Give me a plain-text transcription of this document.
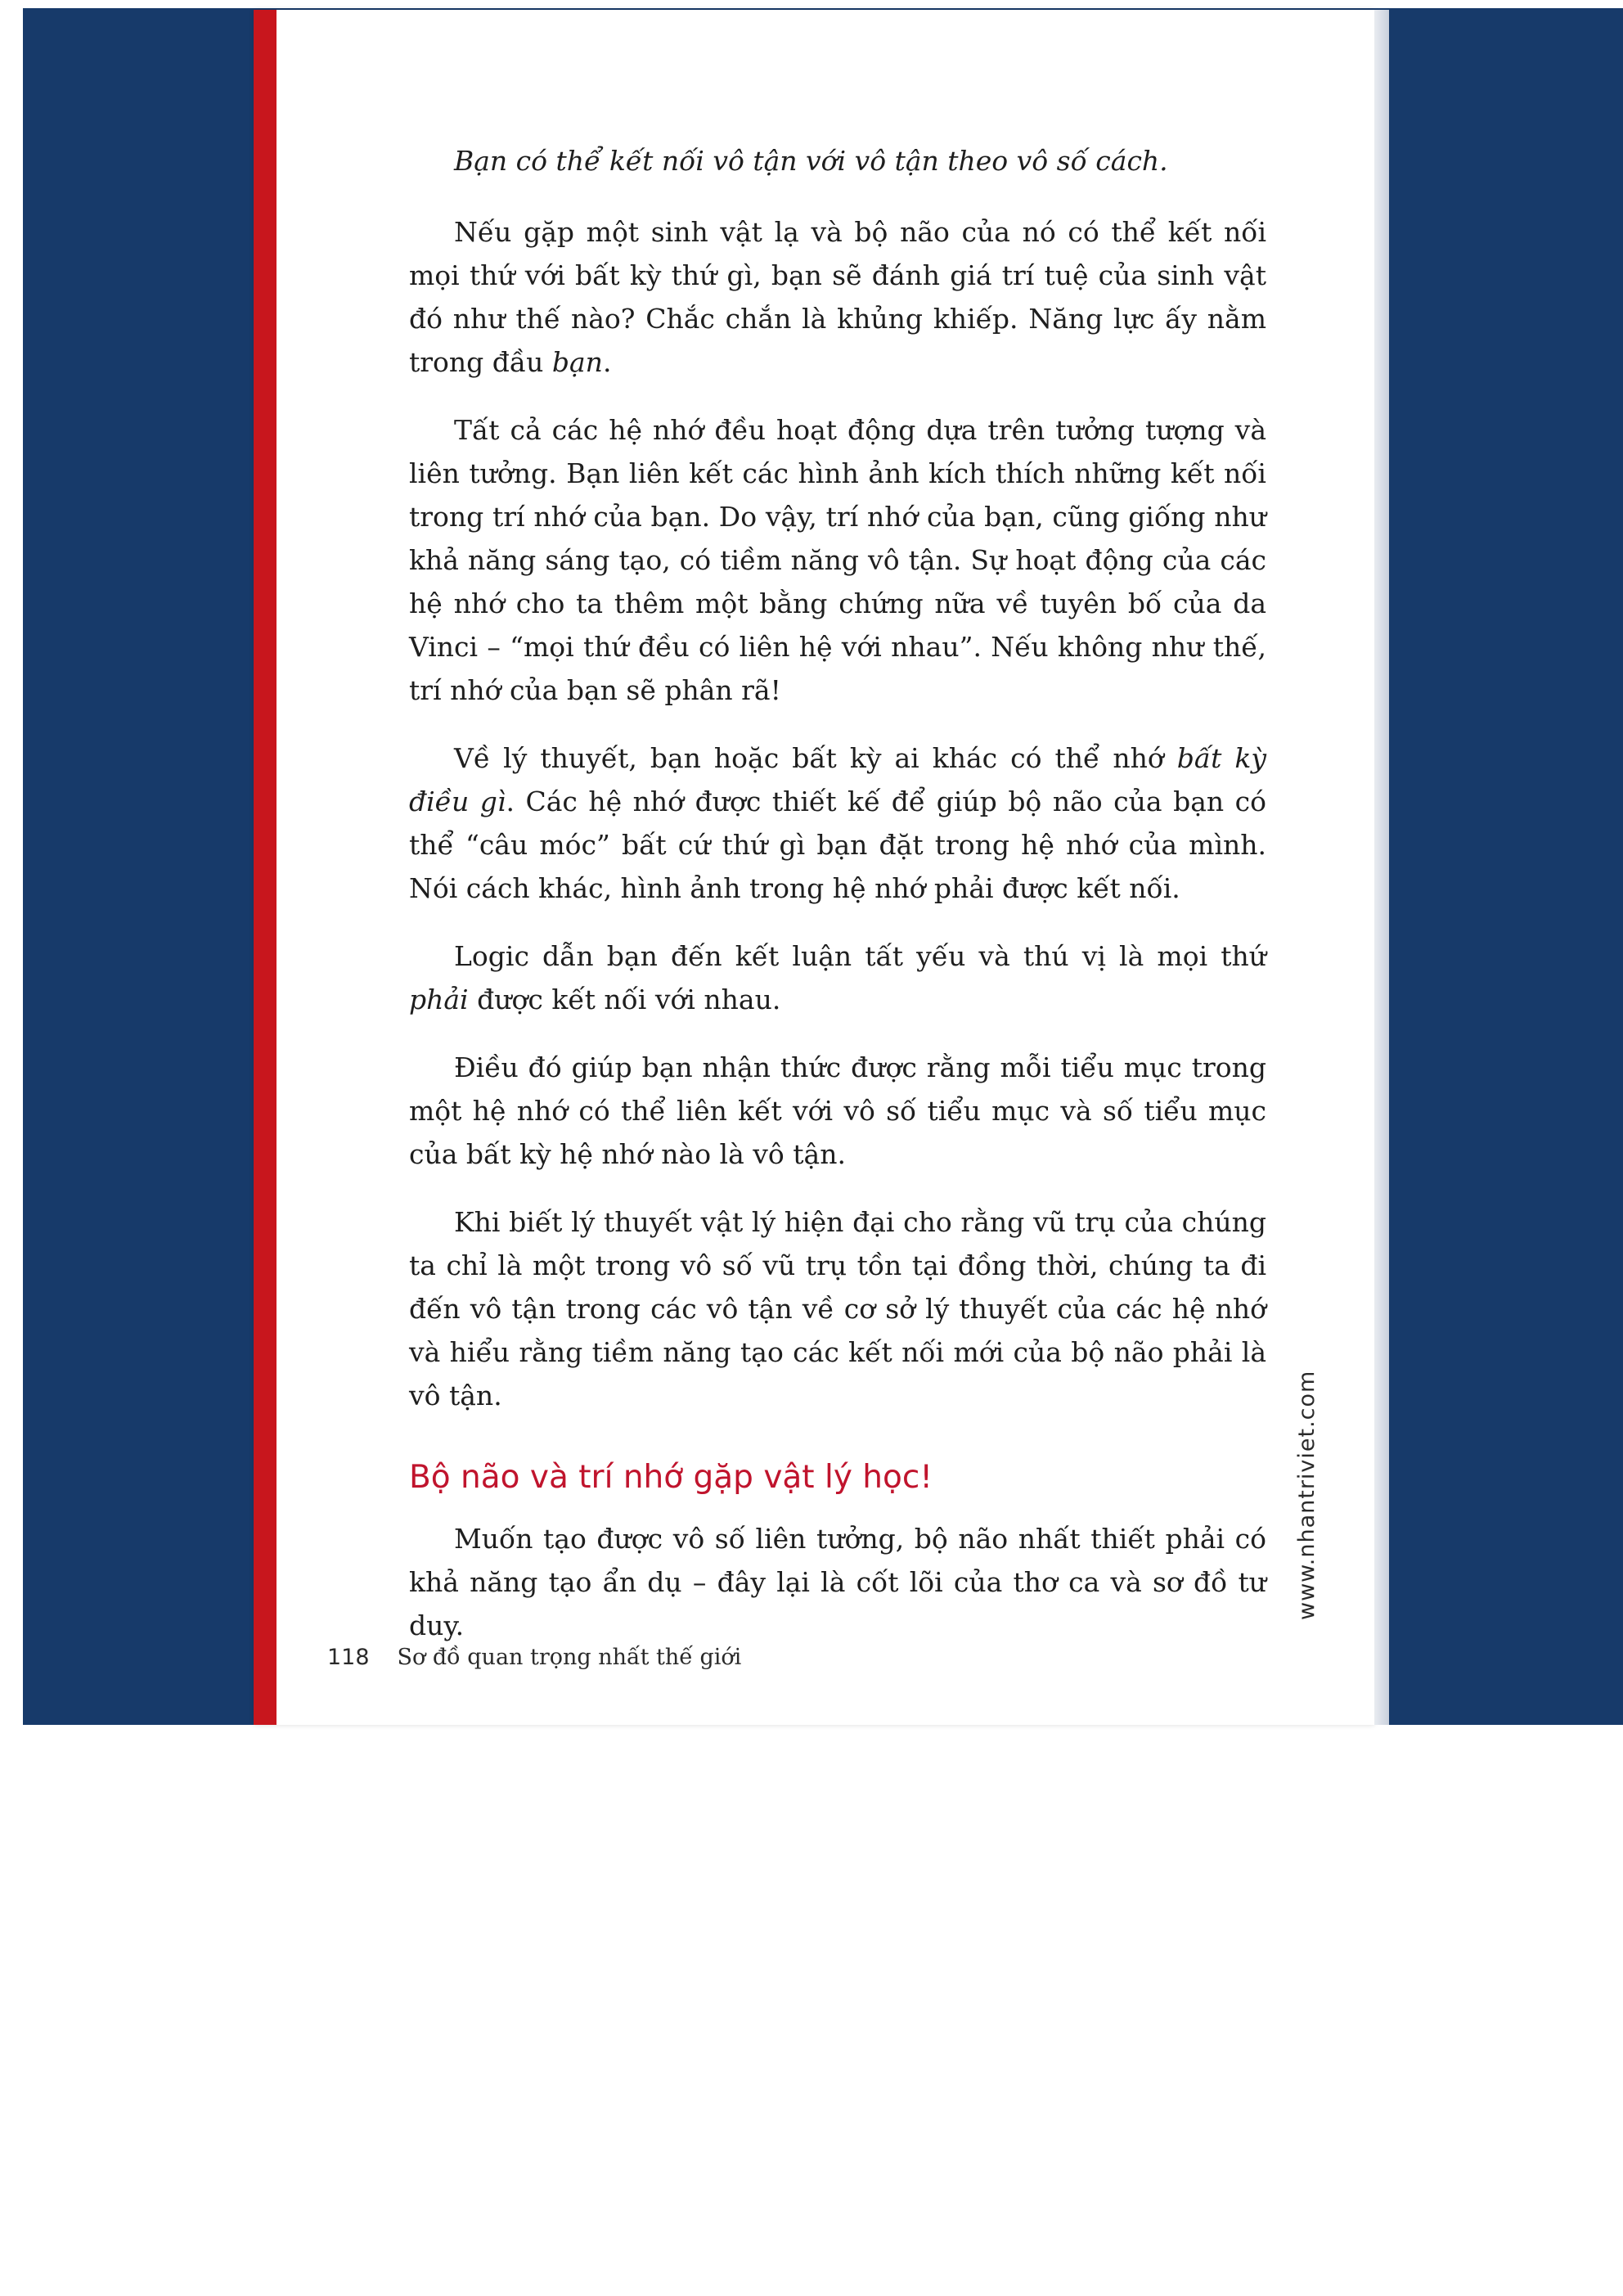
Bạn có thể kết nối vô tận với vô tận theo vô số cách.

Nếu gặp một sinh vật lạ và bộ não của nó có thể kết nối mọi thứ với bất kỳ thứ gì, bạn sẽ đánh giá trí tuệ của sinh vật đó như thế nào? Chắc chắn là khủng khiếp. Năng lực ấy nằm trong đầu bạn.

Tất cả các hệ nhớ đều hoạt động dựa trên tưởng tượng và liên tưởng. Bạn liên kết các hình ảnh kích thích những kết nối trong trí nhớ của bạn. Do vậy, trí nhớ của bạn, cũng giống như khả năng sáng tạo, có tiềm năng vô tận. Sự hoạt động của các hệ nhớ cho ta thêm một bằng chứng nữa về tuyên bố của da Vinci – “mọi thứ đều có liên hệ với nhau”. Nếu không như thế, trí nhớ của bạn sẽ phân rã!

Về lý thuyết, bạn hoặc bất kỳ ai khác có thể nhớ bất kỳ điều gì. Các hệ nhớ được thiết kế để giúp bộ não của bạn có thể “câu móc” bất cứ thứ gì bạn đặt trong hệ nhớ của mình. Nói cách khác, hình ảnh trong hệ nhớ phải được kết nối.

Logic dẫn bạn đến kết luận tất yếu và thú vị là mọi thứ phải được kết nối với nhau.

Điều đó giúp bạn nhận thức được rằng mỗi tiểu mục trong một hệ nhớ có thể liên kết với vô số tiểu mục và số tiểu mục của bất kỳ hệ nhớ nào là vô tận.

Khi biết lý thuyết vật lý hiện đại cho rằng vũ trụ của chúng ta chỉ là một trong vô số vũ trụ tồn tại đồng thời, chúng ta đi đến vô tận trong các vô tận về cơ sở lý thuyết của các hệ nhớ và hiểu rằng tiềm năng tạo các kết nối mới của bộ não phải là vô tận.

Bộ não và trí nhớ gặp vật lý học!

Muốn tạo được vô số liên tưởng, bộ não nhất thiết phải có khả năng tạo ẩn dụ – đây lại là cốt lõi của thơ ca và sơ đồ tư duy.

www.nhantriviet.com
118 Sơ đồ quan trọng nhất thế giới
